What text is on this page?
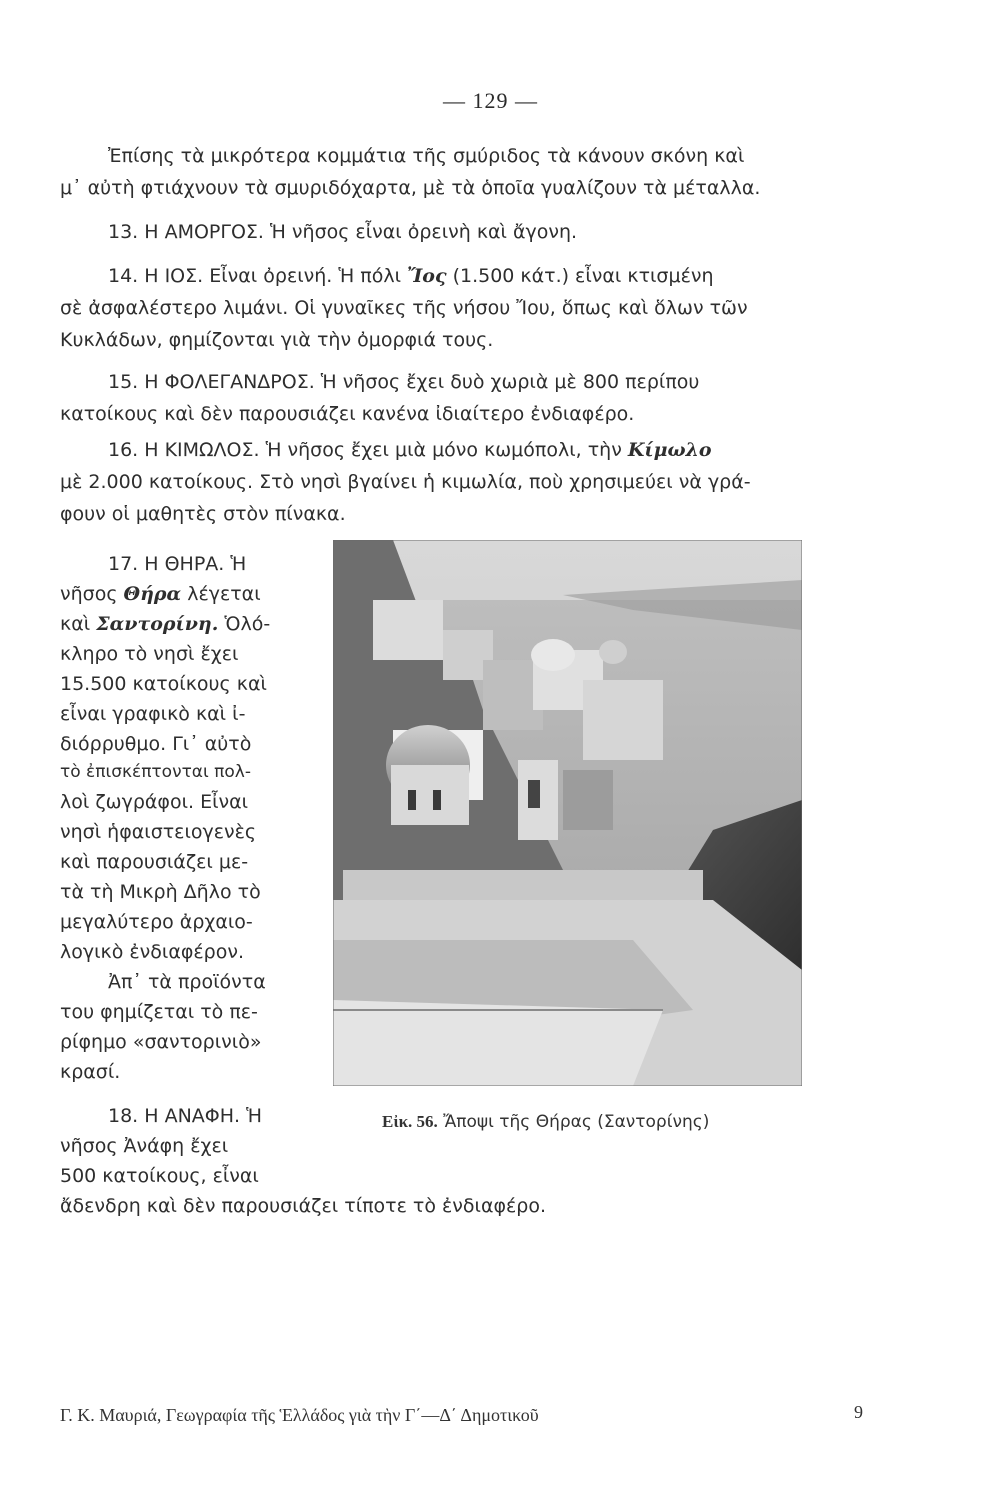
— 129 —

Ἐπίσης τὰ μικρότερα κομμάτια τῆς σμύριδος τὰ κάνουν σκόνη καὶ

μ᾽ αὐτὴ φτιάχνουν τὰ σμυριδόχαρτα, μὲ τὰ ὁποῖα γυαλίζουν τὰ μέταλλα.

13. Η ΑΜΟΡΓΟΣ. Ἡ νῆσος εἶναι ὀρεινὴ καὶ ἄγονη.

14. Η ΙΟΣ. Εἶναι ὀρεινή. Ἡ πόλι Ἴος (1.500 κάτ.) εἶναι κτισμένη

σὲ ἀσφαλέστερο λιμάνι. Οἱ γυναῖκες τῆς νήσου Ἴου, ὅπως καὶ ὅλων τῶν

Κυκλάδων, φημίζονται γιὰ τὴν ὀμορφιά τους.

15. Η ΦΟΛΕΓΑΝΔΡΟΣ. Ἡ νῆσος ἔχει δυὸ χωριὰ μὲ 800 περίπου

κατοίκους καὶ δὲν παρουσιάζει κανένα ἰδιαίτερο ἐνδιαφέρο.

16. Η ΚΙΜΩΛΟΣ. Ἡ νῆσος ἔχει μιὰ μόνο κωμόπολι, τὴν Κίμωλο

μὲ 2.000 κατοίκους. Στὸ νησὶ βγαίνει ἡ κιμωλία, ποὺ χρησιμεύει νὰ γρά-

φουν οἱ μαθητὲς στὸν πίνακα.

17. Η ΘΗΡΑ. Ἡ

νῆσος Θήρα λέγεται

καὶ Σαντορίνη. Ὁλό-

κληρο τὸ νησὶ ἔχει

15.500 κατοίκους καὶ

εἶναι γραφικὸ καὶ ἰ-

διόρρυθμο. Γι᾽ αὐτὸ

τὸ ἐπισκέπτονται πολ-

λοὶ ζωγράφοι. Εἶναι

νησὶ ἡφαιστειογενὲς

καὶ παρουσιάζει με-

τὰ τὴ Μικρὴ Δῆλο τὸ

μεγαλύτερο ἀρχαιο-

λογικὸ ἐνδιαφέρον.

Ἀπ᾽ τὰ προϊόντα

του φημίζεται τὸ πε-

ρίφημο «σαντορινιὸ»

κρασί.

18. Η ΑΝΑΦΗ. Ἡ

νῆσος Ἀνάφη ἔχει

500 κατοίκους, εἶναι

ἄδενδρη καὶ δὲν παρουσιάζει τίποτε τὸ ἐνδιαφέρο.

Εἰκ. 56. Ἄποψι τῆς Θήρας (Σαντορίνης)
Γ. Κ. Μαυριά, Γεωγραφία τῆς Ἑλλάδος γιὰ τὴν Γ΄—Δ΄ Δημοτικοῦ	9
